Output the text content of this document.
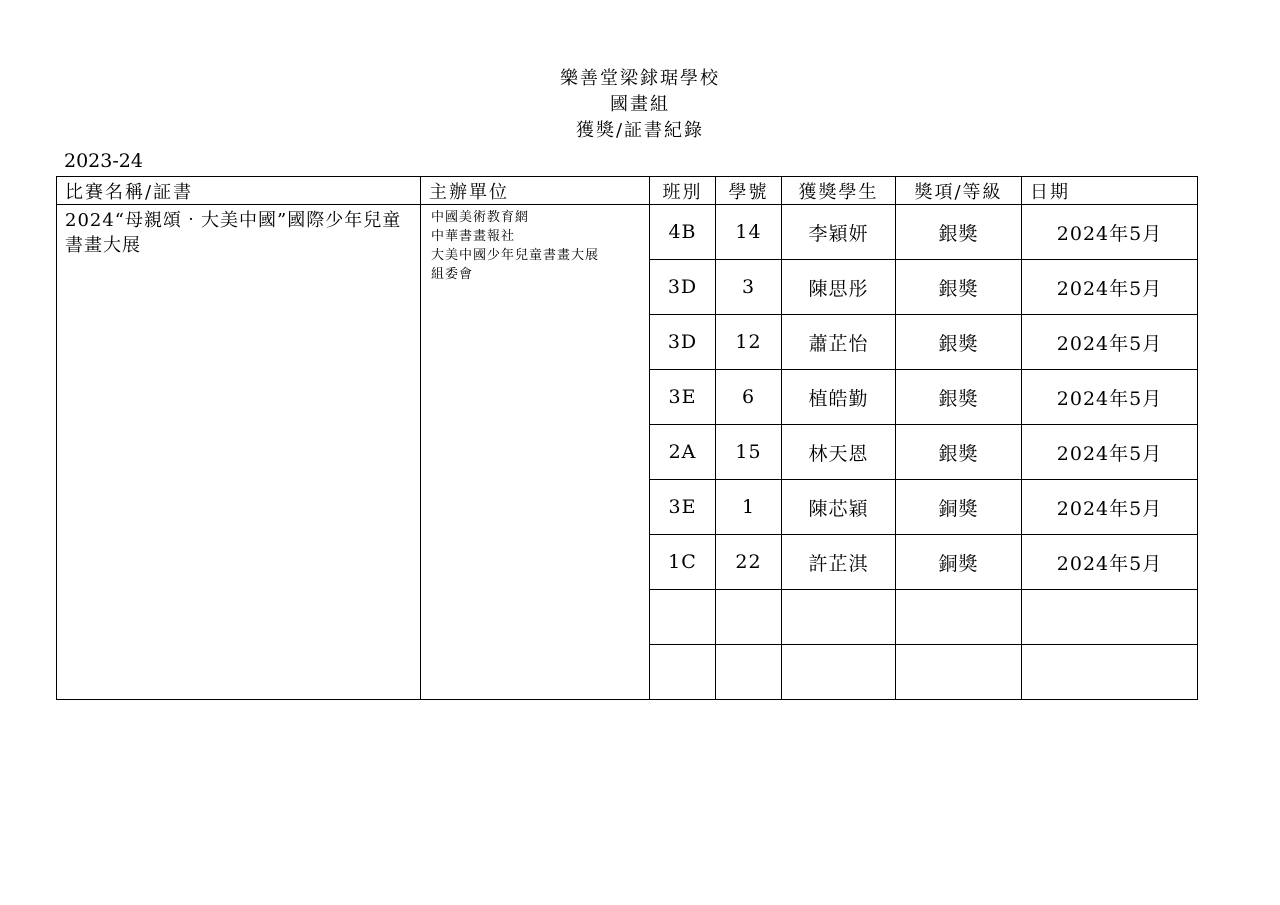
樂善堂梁銶琚學校
國畫組
獲獎/証書紀錄
2023-24
比賽名稱/証書	主辦單位	班別	學號	獲獎學生	獎項/等級	日期
2024“母親頌‧大美中國”國際少年兒童書畫大展	中國美術教育網
中華書畫報社
大美中國少年兒童書畫大展
組委會	4B	14	李穎妍	銀獎	2024年5月
		3D	3	陳思彤	銀獎	2024年5月
		3D	12	蕭芷怡	銀獎	2024年5月
		3E	6	植皓勤	銀獎	2024年5月
		2A	15	林天恩	銀獎	2024年5月
		3E	1	陳芯穎	銅獎	2024年5月
		1C	22	許芷淇	銅獎	2024年5月
